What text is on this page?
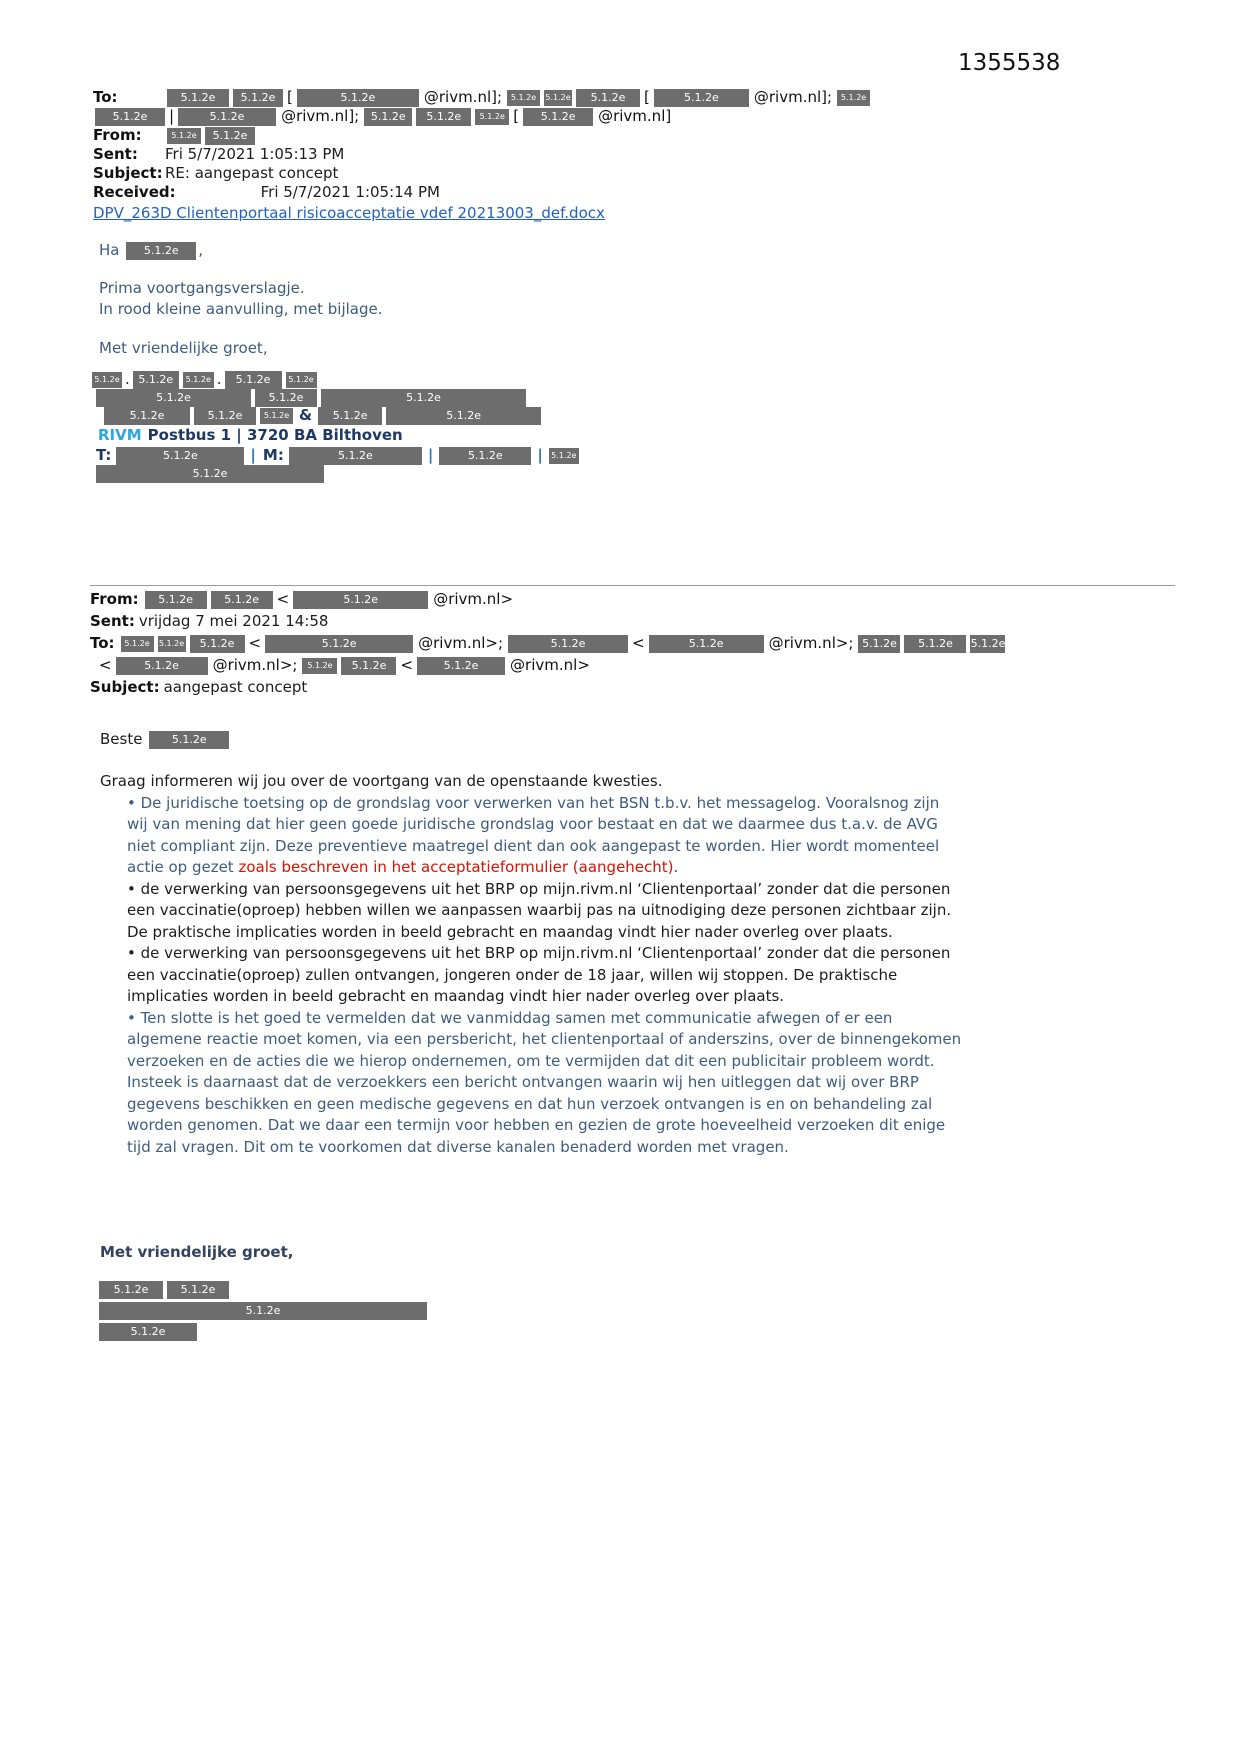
1355538
To:	5.1.2e 5.1.2e [	5.1.2e	@rivm.nl]; 5.1.2e 5.1.2e 5.1.2e [	5.1.2e @rivm.nl]; 5.1.2e
5.1.2e |	5.1.2e @rivm.nl]; 5.1.2e 5.1.2e 5.1.2e [ 5.1.2e @rivm.nl]
From:	5.1.2e 5.1.2e
Sent: Fri 5/7/2021 1:05:13 PM
Subject: RE: aangepast concept
Received:	Fri 5/7/2021 1:05:14 PM
DPV_263D Clientenportaal risicoacceptatie vdef 20213003_def.docx
Ha 5.1.2e ,
Prima voortgangsverslagje.
In rood kleine aanvulling, met bijlage.
Met vriendelijke groet,
5.1.2e . 5.1.2e 5.1.2e . 5.1.2e 5.1.2e
5.1.2e	5.1.2e	5.1.2e
5.1.2e	5.1.2e	5.1.2e & 5.1.2e	5.1.2e
RIVM Postbus 1 | 3720 BA Bilthoven
T:	5.1.2e	| M:	5.1.2e	|	5.1.2e | 5.1.2e
5.1.2e
From: 5.1.2e	5.1.2e <	5.1.2e	@rivm.nl>
Sent: vrijdag 7 mei 2021 14:58
To: 5.1.2e 5.1.2e 5.1.2e <	5.1.2e	@rivm.nl>;	5.1.2e	<	5.1.2e	@rivm.nl>; 5.1.2e 5.1.2e 5.1.2e
<	5.1.2e @rivm.nl>; 5.1.2e 5.1.2e <	5.1.2e @rivm.nl>
Subject: aangepast concept
Beste	5.1.2e
Graag informeren wij jou over de voortgang van de openstaande kwesties.
• De juridische toetsing op de grondslag voor verwerken van het BSN t.b.v. het messagelog. Vooralsnog zijn
wij van mening dat hier geen goede juridische grondslag voor bestaat en dat we daarmee dus t.a.v. de AVG
niet compliant zijn. Deze preventieve maatregel dient dan ook aangepast te worden. Hier wordt momenteel
actie op gezet zoals beschreven in het acceptatieformulier (aangehecht).
• de verwerking van persoonsgegevens uit het BRP op mijn.rivm.nl ‘Clientenportaal’ zonder dat die personen
een vaccinatie(oproep) hebben willen we aanpassen waarbij pas na uitnodiging deze personen zichtbaar zijn.
De praktische implicaties worden in beeld gebracht en maandag vindt hier nader overleg over plaats.
• de verwerking van persoonsgegevens uit het BRP op mijn.rivm.nl ‘Clientenportaal’ zonder dat die personen
een vaccinatie(oproep) zullen ontvangen, jongeren onder de 18 jaar, willen wij stoppen. De praktische
implicaties worden in beeld gebracht en maandag vindt hier nader overleg over plaats.
• Ten slotte is het goed te vermelden dat we vanmiddag samen met communicatie afwegen of er een
algemene reactie moet komen, via een persbericht, het clientenportaal of anderszins, over de binnengekomen
verzoeken en de acties die we hierop ondernemen, om te vermijden dat dit een publicitair probleem wordt.
Insteek is daarnaast dat de verzoekkers een bericht ontvangen waarin wij hen uitleggen dat wij over BRP
gegevens beschikken en geen medische gegevens en dat hun verzoek ontvangen is en on behandeling zal
worden genomen. Dat we daar een termijn voor hebben en gezien de grote hoeveelheid verzoeken dit enige
tijd zal vragen. Dit om te voorkomen dat diverse kanalen benaderd worden met vragen.
Met vriendelijke groet,
5.1.2e	5.1.2e
5.1.2e
5.1.2e
